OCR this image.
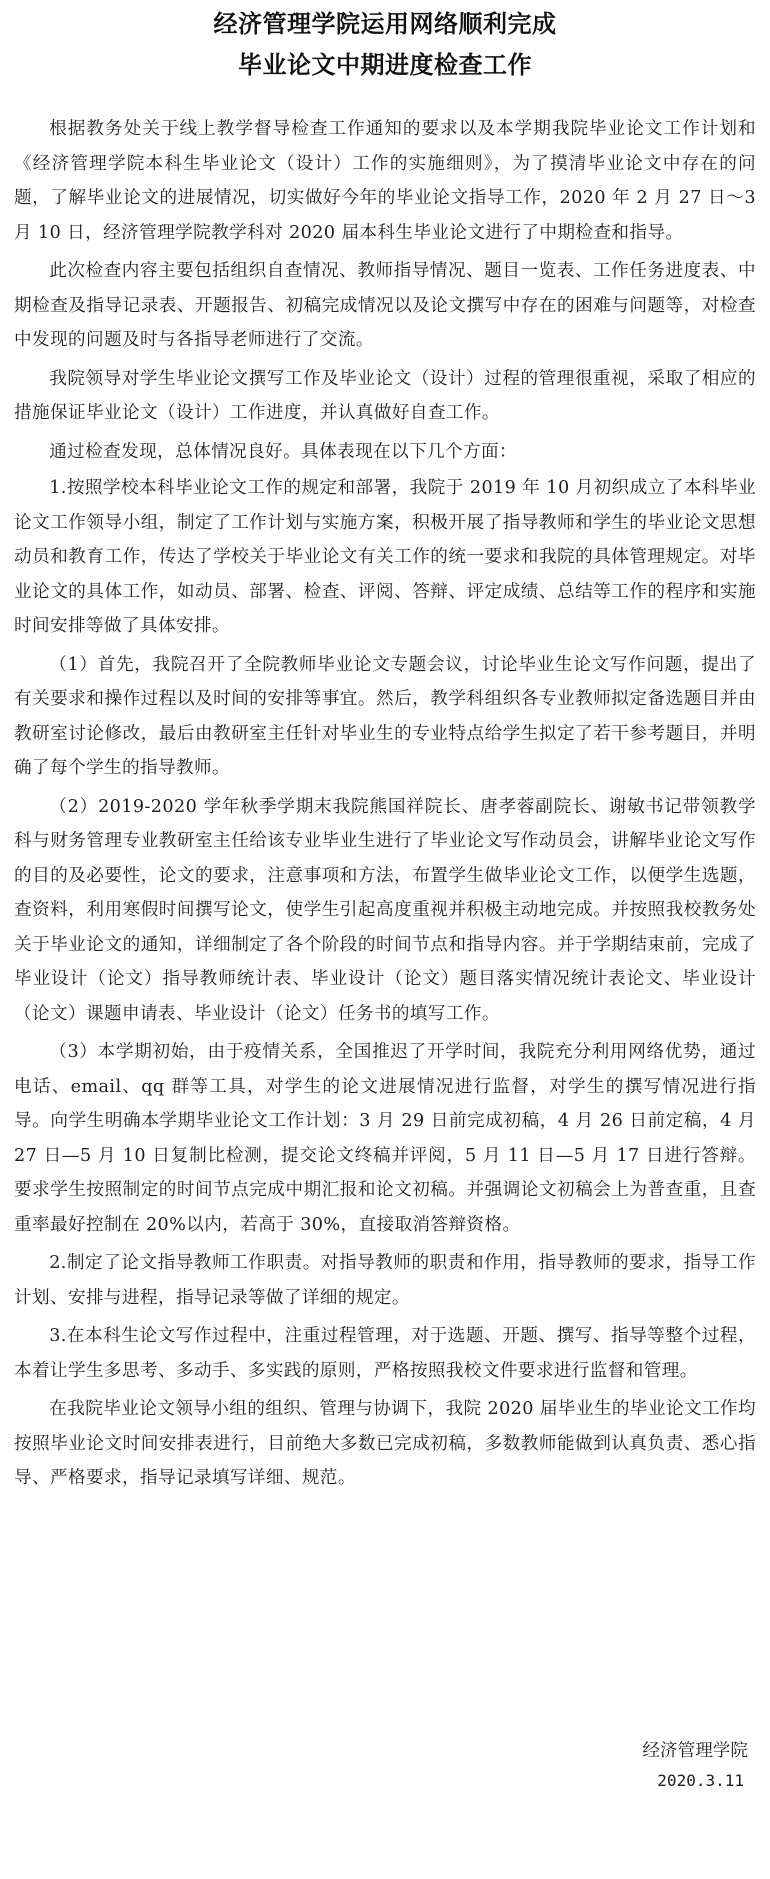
经济管理学院运用网络顺利完成
毕业论文中期进度检查工作

根据教务处关于线上教学督导检查工作通知的要求以及本学期我院毕业论文工作计划和《经济管理学院本科生毕业论文（设计）工作的实施细则》，为了摸清毕业论文中存在的问题，了解毕业论文的进展情况，切实做好今年的毕业论文指导工作，2020 年 2 月 27 日～3 月 10 日，经济管理学院教学科对 2020 届本科生毕业论文进行了中期检查和指导。

此次检查内容主要包括组织自查情况、教师指导情况、题目一览表、工作任务进度表、中期检查及指导记录表、开题报告、初稿完成情况以及论文撰写中存在的困难与问题等，对检查中发现的问题及时与各指导老师进行了交流。

我院领导对学生毕业论文撰写工作及毕业论文（设计）过程的管理很重视，采取了相应的措施保证毕业论文（设计）工作进度，并认真做好自查工作。

通过检查发现，总体情况良好。具体表现在以下几个方面：

1.按照学校本科毕业论文工作的规定和部署，我院于 2019 年 10 月初织成立了本科毕业论文工作领导小组，制定了工作计划与实施方案，积极开展了指导教师和学生的毕业论文思想动员和教育工作，传达了学校关于毕业论文有关工作的统一要求和我院的具体管理规定。对毕业论文的具体工作，如动员、部署、检查、评阅、答辩、评定成绩、总结等工作的程序和实施时间安排等做了具体安排。

（1）首先，我院召开了全院教师毕业论文专题会议，讨论毕业生论文写作问题，提出了有关要求和操作过程以及时间的安排等事宜。然后，教学科组织各专业教师拟定备选题目并由教研室讨论修改，最后由教研室主任针对毕业生的专业特点给学生拟定了若干参考题目，并明确了每个学生的指导教师。

（2）2019-2020 学年秋季学期末我院熊国祥院长、唐孝蓉副院长、谢敏书记带领教学科与财务管理专业教研室主任给该专业毕业生进行了毕业论文写作动员会，讲解毕业论文写作的目的及必要性，论文的要求，注意事项和方法，布置学生做毕业论文工作，以便学生选题，查资料，利用寒假时间撰写论文，使学生引起高度重视并积极主动地完成。并按照我校教务处关于毕业论文的通知，详细制定了各个阶段的时间节点和指导内容。并于学期结束前，完成了毕业设计（论文）指导教师统计表、毕业设计（论文）题目落实情况统计表论文、毕业设计（论文）课题申请表、毕业设计（论文）任务书的填写工作。

（3）本学期初始，由于疫情关系，全国推迟了开学时间，我院充分利用网络优势，通过电话、email、qq 群等工具，对学生的论文进展情况进行监督，对学生的撰写情况进行指导。向学生明确本学期毕业论文工作计划：3 月 29 日前完成初稿，4 月 26 日前定稿，4 月 27 日—5 月 10 日复制比检测，提交论文终稿并评阅，5 月 11 日—5 月 17 日进行答辩。要求学生按照制定的时间节点完成中期汇报和论文初稿。并强调论文初稿会上为普查重，且查重率最好控制在 20%以内，若高于 30%，直接取消答辩资格。

2.制定了论文指导教师工作职责。对指导教师的职责和作用，指导教师的要求，指导工作计划、安排与进程，指导记录等做了详细的规定。

3.在本科生论文写作过程中，注重过程管理，对于选题、开题、撰写、指导等整个过程，本着让学生多思考、多动手、多实践的原则，严格按照我校文件要求进行监督和管理。

在我院毕业论文领导小组的组织、管理与协调下，我院 2020 届毕业生的毕业论文工作均按照毕业论文时间安排表进行，目前绝大多数已完成初稿，多数教师能做到认真负责、悉心指导、严格要求，指导记录填写详细、规范。

经济管理学院
2020.3.11
